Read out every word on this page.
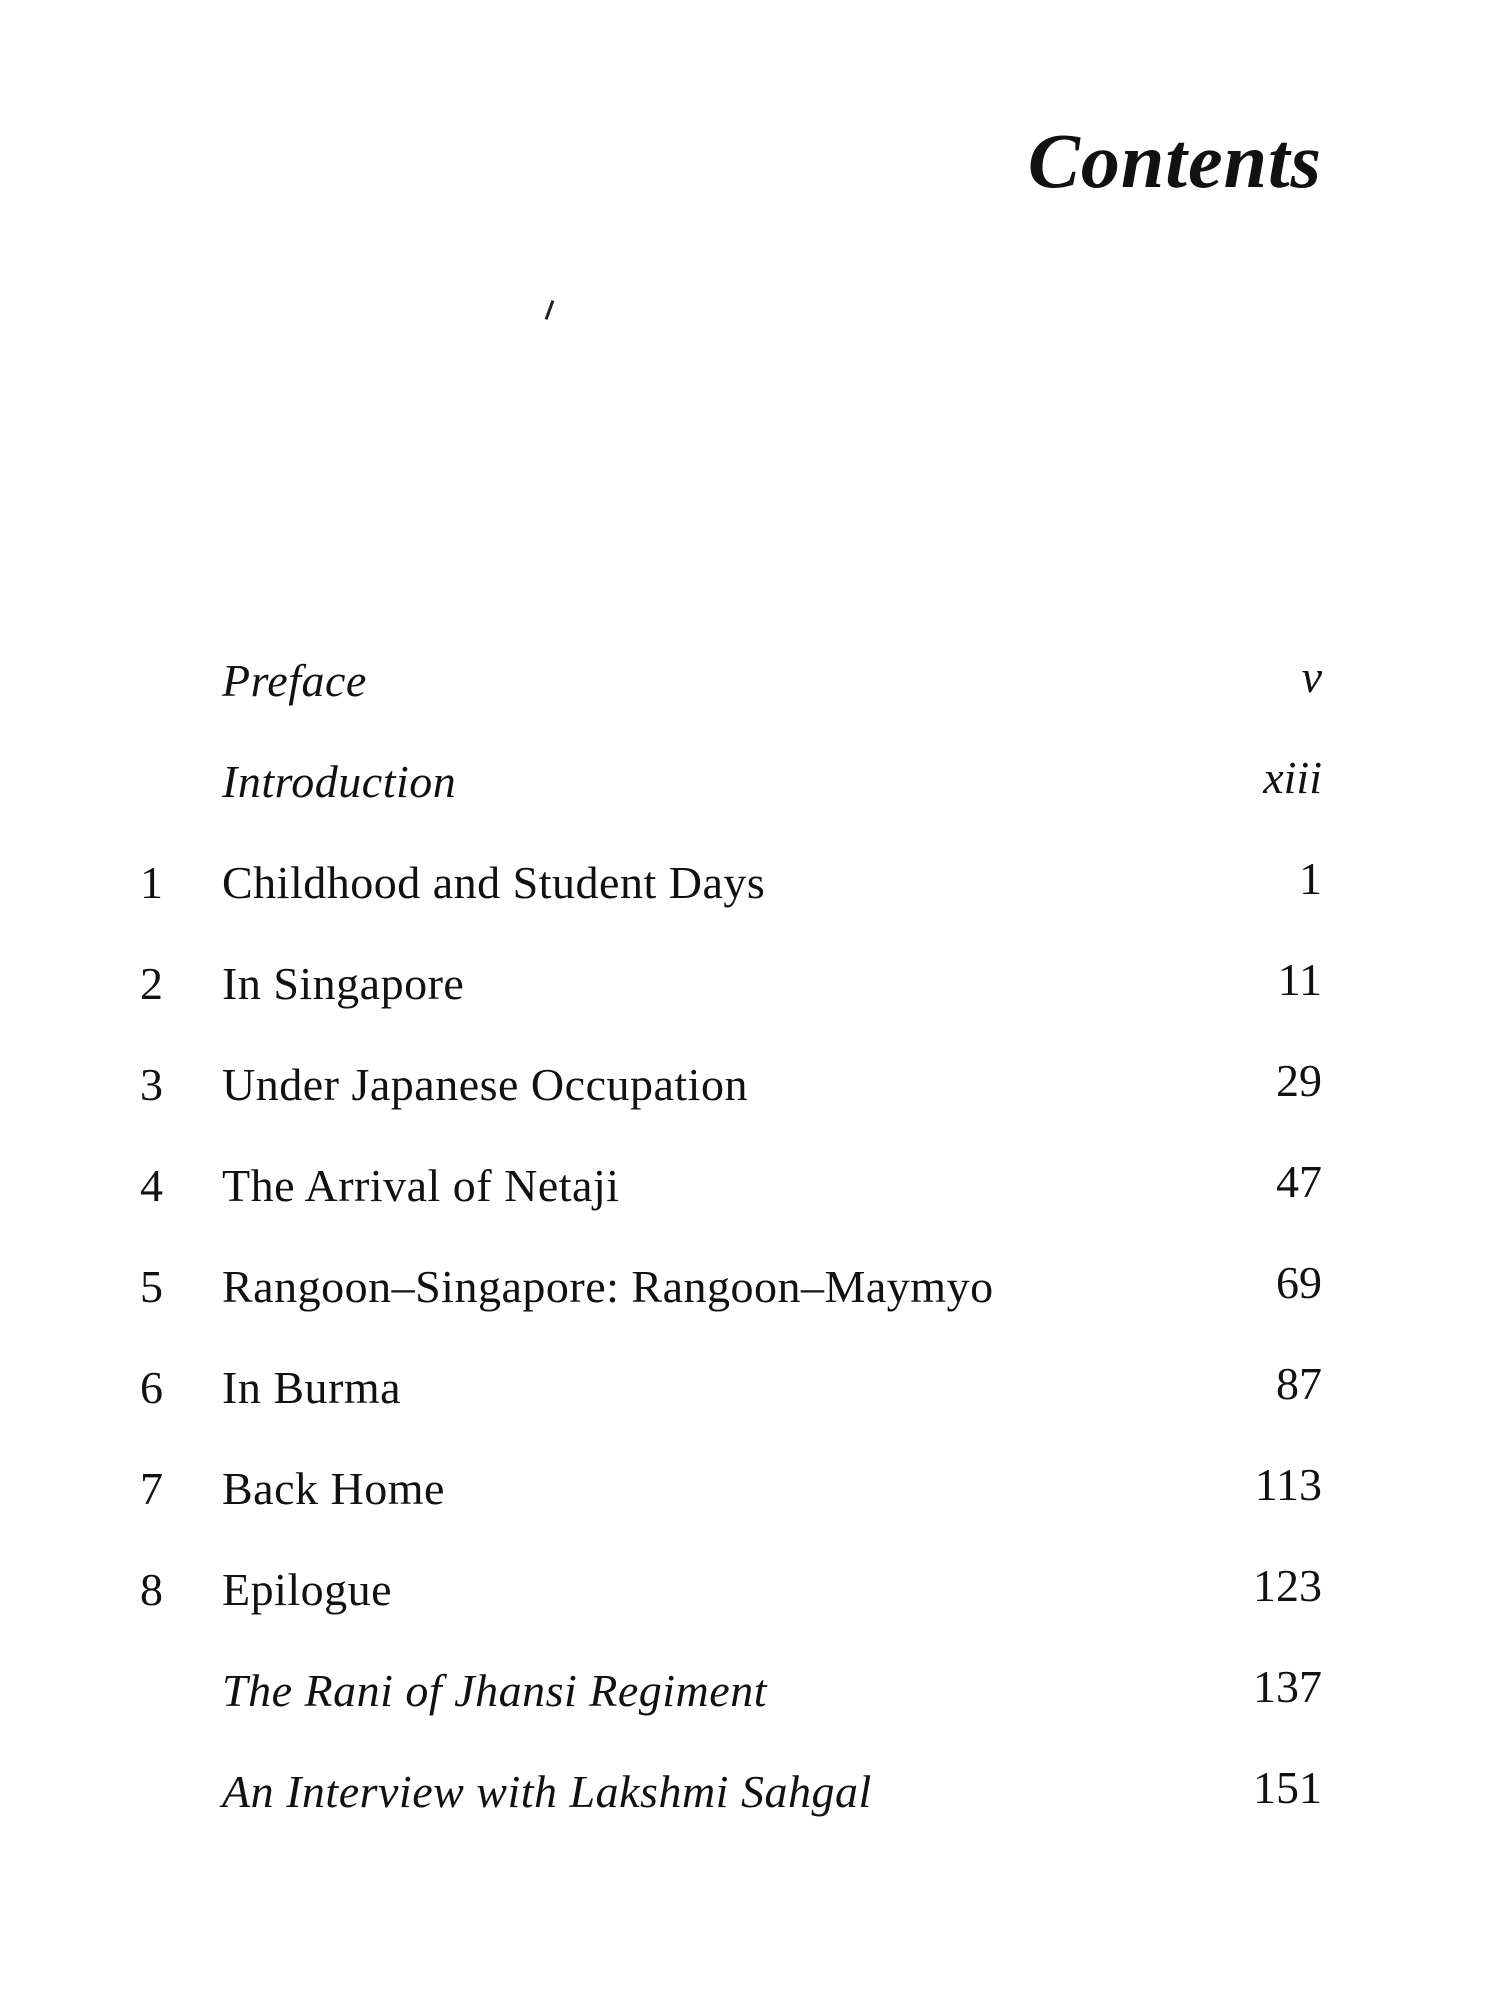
Contents
Preface	v
Introduction	xiii
1	Childhood and Student Days	1
2	In Singapore	11
3	Under Japanese Occupation	29
4	The Arrival of Netaji	47
5	Rangoon–Singapore: Rangoon–Maymyo	69
6	In Burma	87
7	Back Home	113
8	Epilogue	123
The Rani of Jhansi Regiment	137
An Interview with Lakshmi Sahgal	151
